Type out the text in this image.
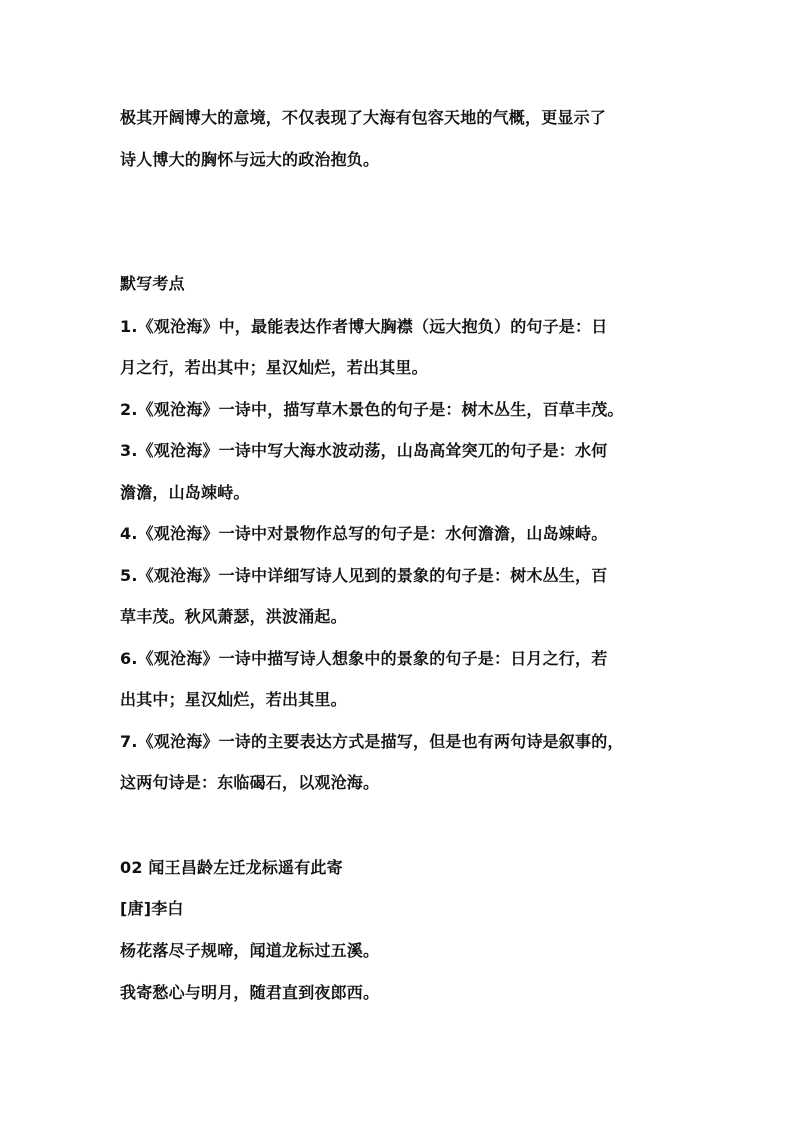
极其开阔博大的意境，不仅表现了大海有包容天地的气概，更显示了
诗人博大的胸怀与远大的政治抱负。
默写考点
1.《观沧海》中，最能表达作者博大胸襟（远大抱负）的句子是：日
月之行，若出其中；星汉灿烂，若出其里。
2.《观沧海》一诗中，描写草木景色的句子是：树木丛生，百草丰茂。
3.《观沧海》一诗中写大海水波动荡，山岛高耸突兀的句子是：水何
澹澹，山岛竦峙。
4.《观沧海》一诗中对景物作总写的句子是：水何澹澹，山岛竦峙。
5.《观沧海》一诗中详细写诗人见到的景象的句子是：树木丛生，百
草丰茂。秋风萧瑟，洪波涌起。
6.《观沧海》一诗中描写诗人想象中的景象的句子是：日月之行，若
出其中；星汉灿烂，若出其里。
7.《观沧海》一诗的主要表达方式是描写，但是也有两句诗是叙事的，
这两句诗是：东临碣石，以观沧海。
02 闻王昌龄左迁龙标遥有此寄
[唐]李白
杨花落尽子规啼，闻道龙标过五溪。
我寄愁心与明月，随君直到夜郎西。
